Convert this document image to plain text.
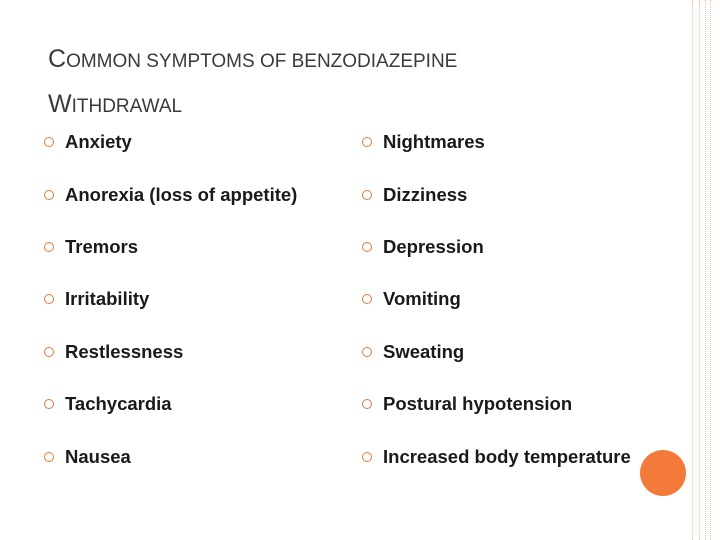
COMMON SYMPTOMS OF BENZODIAZEPINE
WITHDRAWAL
Anxiety
Anorexia (loss of appetite)
Tremors
Irritability
Restlessness
Tachycardia
Nausea
Nightmares
Dizziness
Depression
Vomiting
Sweating
Postural hypotension
Increased body temperature
